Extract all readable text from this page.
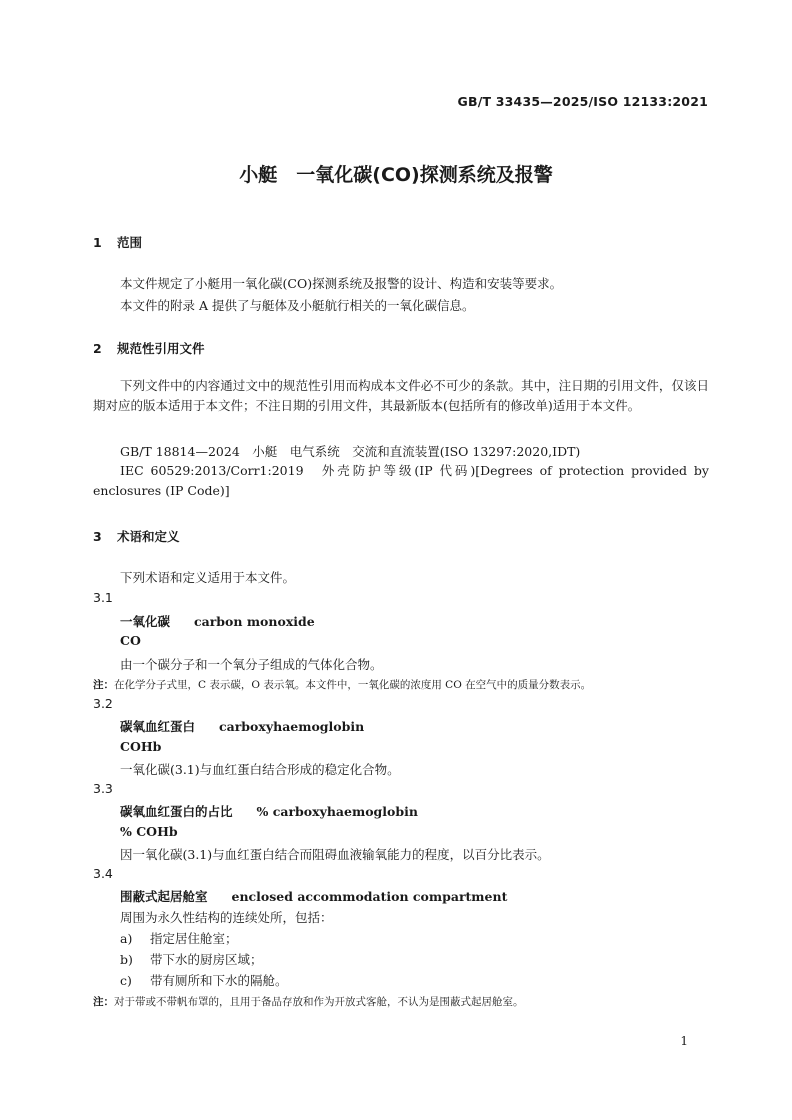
GB/T 33435—2025/ISO 12133:2021
小艇　一氧化碳(CO)探测系统及报警
1 范围
本文件规定了小艇用一氧化碳(CO)探测系统及报警的设计、构造和安装等要求。
本文件的附录 A 提供了与艇体及小艇航行相关的一氧化碳信息。
2 规范性引用文件
下列文件中的内容通过文中的规范性引用而构成本文件必不可少的条款。其中，注日期的引用文件，仅该日期对应的版本适用于本文件；不注日期的引用文件，其最新版本(包括所有的修改单)适用于本文件。
GB/T 18814—2024　小艇　电气系统　交流和直流装置(ISO 13297:2020,IDT)
IEC 60529:2013/Corr1:2019　外壳防护等级(IP 代码)[Degrees of protection provided by enclosures (IP Code)]
3 术语和定义
下列术语和定义适用于本文件。
3.1
一氧化碳 carbon monoxide
CO
由一个碳分子和一个氧分子组成的气体化合物。
注：在化学分子式里，C 表示碳，O 表示氧。本文件中，一氧化碳的浓度用 CO 在空气中的质量分数表示。
3.2
碳氧血红蛋白 carboxyhaemoglobin
COHb
一氧化碳(3.1)与血红蛋白结合形成的稳定化合物。
3.3
碳氧血红蛋白的占比 % carboxyhaemoglobin
% COHb
因一氧化碳(3.1)与血红蛋白结合而阻碍血液输氧能力的程度，以百分比表示。
3.4
围蔽式起居舱室 enclosed accommodation compartment
周围为永久性结构的连续处所，包括：
a) 指定居住舱室；
b) 带下水的厨房区域；
c) 带有厕所和下水的隔舱。
注：对于带或不带帆布罩的，且用于备品存放和作为开放式客舱，不认为是围蔽式起居舱室。
1
